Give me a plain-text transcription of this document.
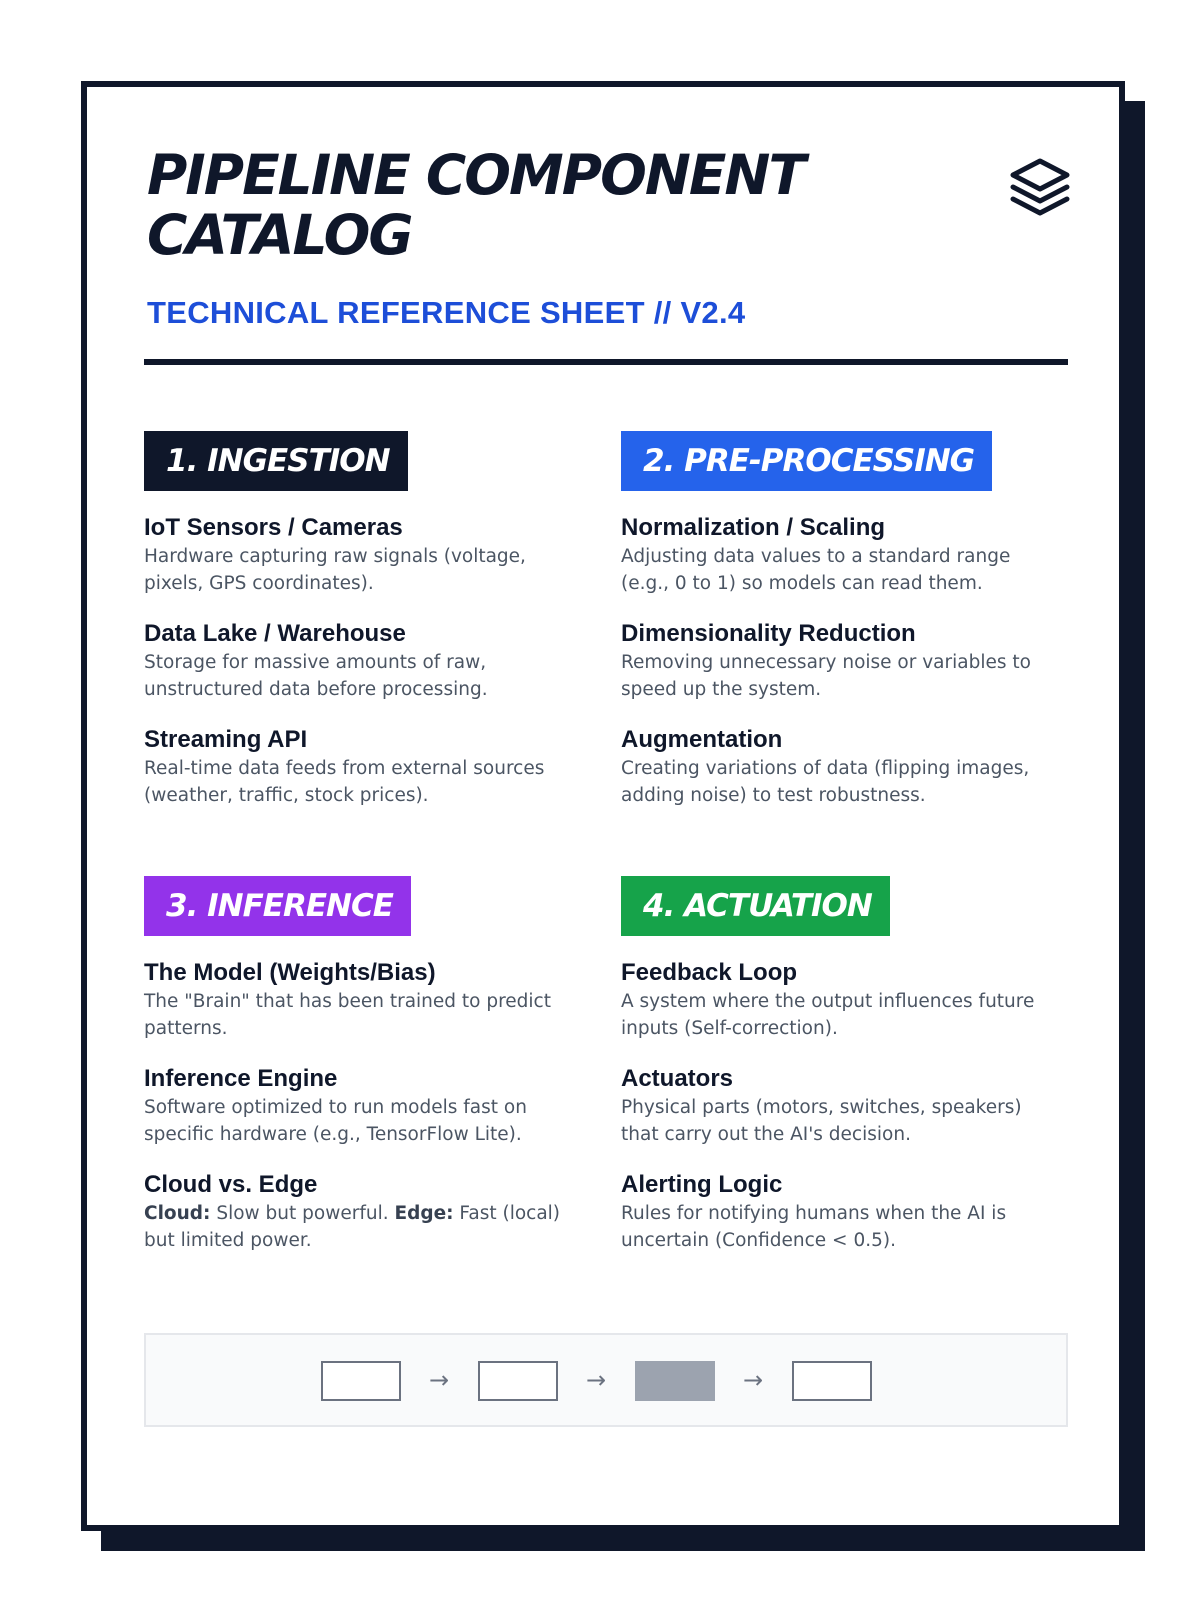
PIPELINE COMPONENT CATALOG
TECHNICAL REFERENCE SHEET // V2.4
1. INGESTION
IoT Sensors / Cameras
Hardware capturing raw signals (voltage, pixels, GPS coordinates).
Data Lake / Warehouse
Storage for massive amounts of raw, unstructured data before processing.
Streaming API
Real-time data feeds from external sources (weather, traffic, stock prices).
2. PRE-PROCESSING
Normalization / Scaling
Adjusting data values to a standard range (e.g., 0 to 1) so models can read them.
Dimensionality Reduction
Removing unnecessary noise or variables to speed up the system.
Augmentation
Creating variations of data (flipping images, adding noise) to test robustness.
3. INFERENCE
The Model (Weights/Bias)
The "Brain" that has been trained to predict patterns.
Inference Engine
Software optimized to run models fast on specific hardware (e.g., TensorFlow Lite).
Cloud vs. Edge
Cloud: Slow but powerful. Edge: Fast (local) but limited power.
4. ACTUATION
Feedback Loop
A system where the output influences future inputs (Self-correction).
Actuators
Physical parts (motors, switches, speakers) that carry out the AI's decision.
Alerting Logic
Rules for notifying humans when the AI is uncertain (Confidence < 0.5).
→	→	→
